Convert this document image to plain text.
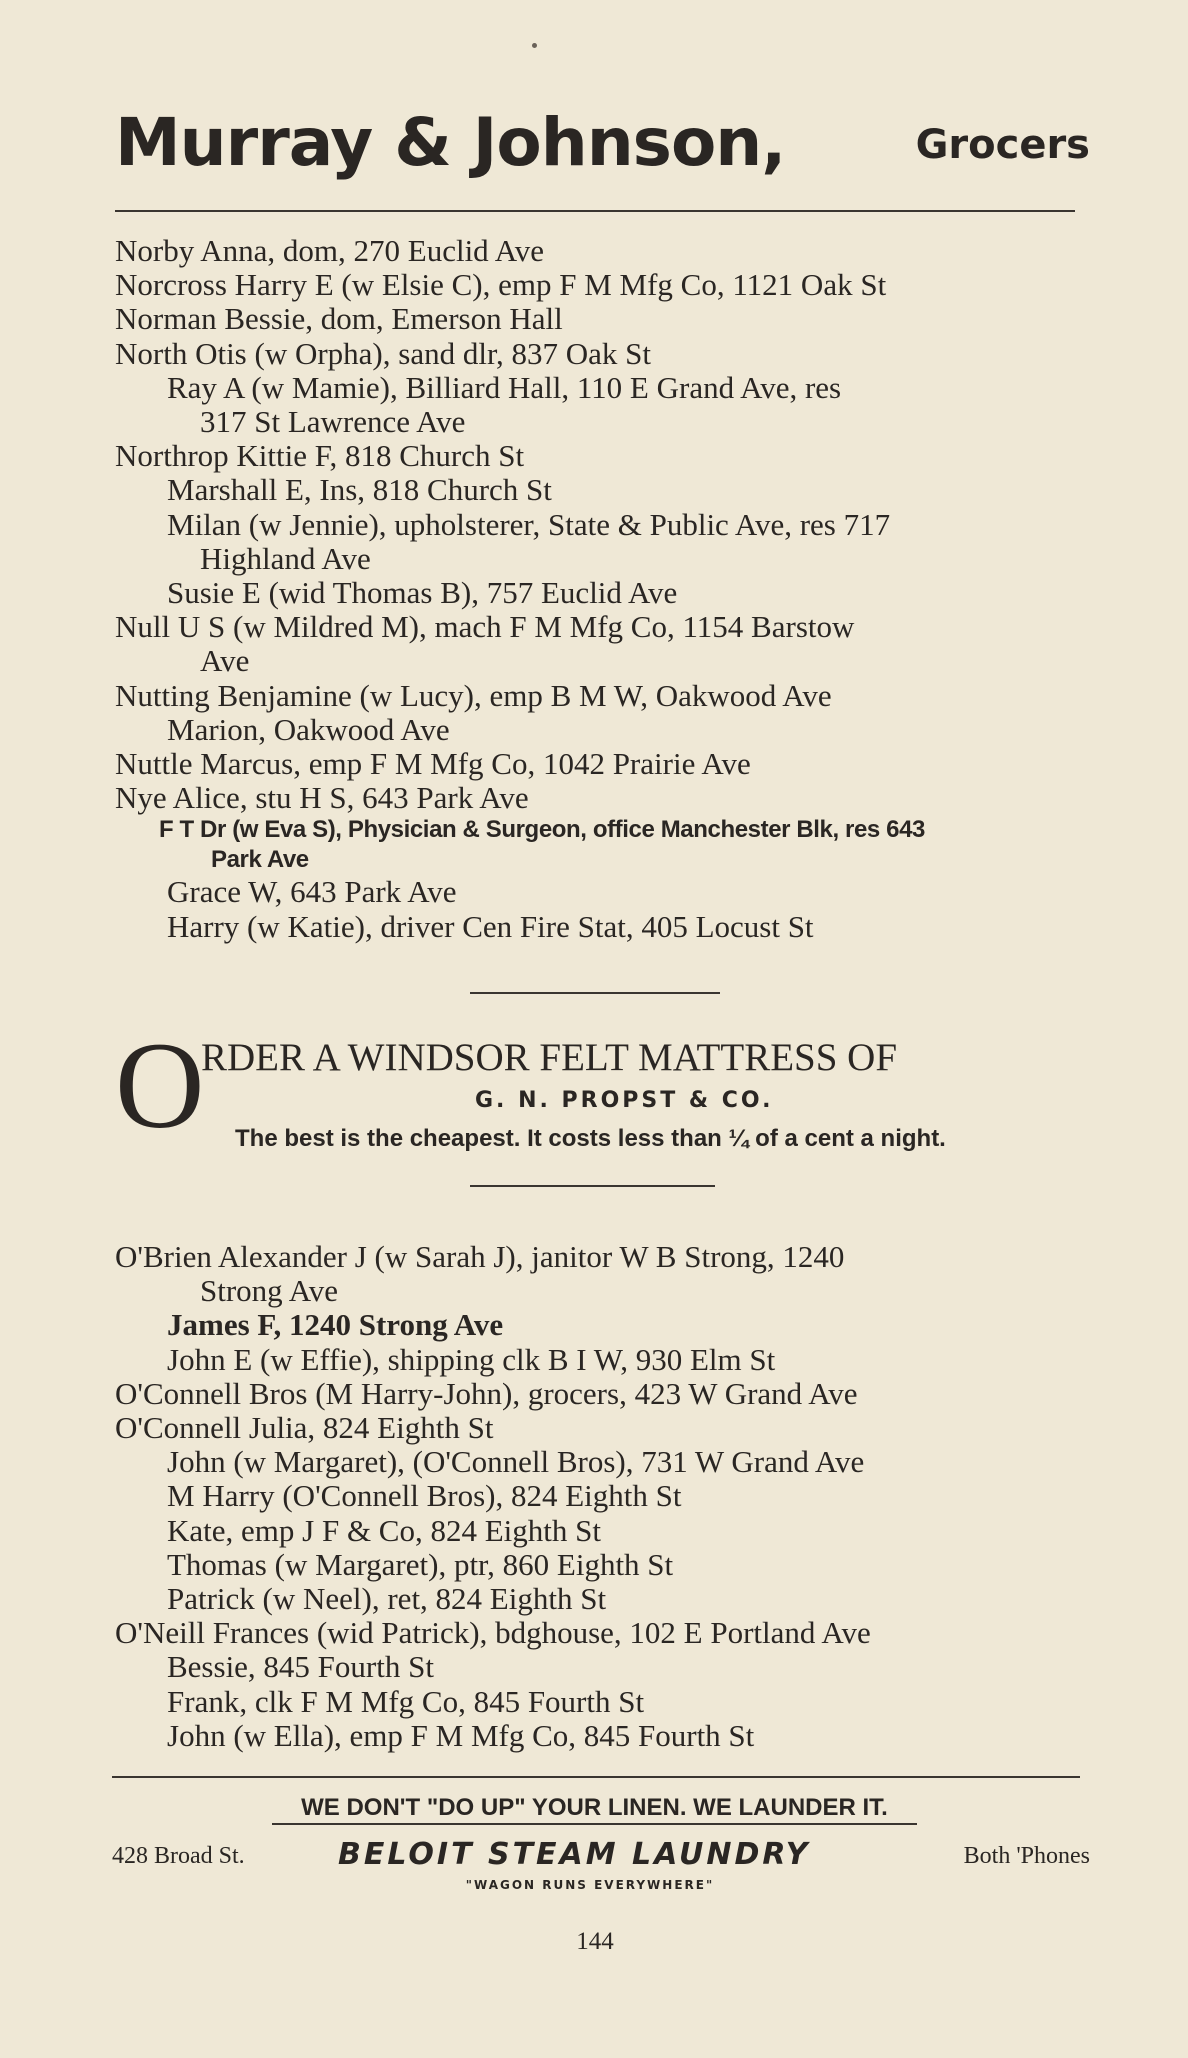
Murray & Johnson,	Grocers
Norby Anna, dom, 270 Euclid Ave
Norcross Harry E (w Elsie C), emp F M Mfg Co, 1121 Oak St
Norman Bessie, dom, Emerson Hall
North Otis (w Orpha), sand dlr, 837 Oak St
Ray A (w Mamie), Billiard Hall, 110 E Grand Ave, res
317 St Lawrence Ave
Northrop Kittie F, 818 Church St
Marshall E, Ins, 818 Church St
Milan (w Jennie), upholsterer, State & Public Ave, res 717
Highland Ave
Susie E (wid Thomas B), 757 Euclid Ave
Null U S (w Mildred M), mach F M Mfg Co, 1154 Barstow
Ave
Nutting Benjamine (w Lucy), emp B M W, Oakwood Ave
Marion, Oakwood Ave
Nuttle Marcus, emp F M Mfg Co, 1042 Prairie Ave
Nye Alice, stu H S, 643 Park Ave
F T Dr (w Eva S), Physician & Surgeon, office Manchester Blk, res 643
Park Ave
Grace W, 643 Park Ave
Harry (w Katie), driver Cen Fire Stat, 405 Locust St
O
RDER A WINDSOR FELT MATTRESS OF
G. N. PROPST & CO.
The best is the cheapest. It costs less than ¼ of a cent a night.
O'Brien Alexander J (w Sarah J), janitor W B Strong, 1240
Strong Ave
James F, 1240 Strong Ave
John E (w Effie), shipping clk B I W, 930 Elm St
O'Connell Bros (M Harry-John), grocers, 423 W Grand Ave
O'Connell Julia, 824 Eighth St
John (w Margaret), (O'Connell Bros), 731 W Grand Ave
M Harry (O'Connell Bros), 824 Eighth St
Kate, emp J F & Co, 824 Eighth St
Thomas (w Margaret), ptr, 860 Eighth St
Patrick (w Neel), ret, 824 Eighth St
O'Neill Frances (wid Patrick), bdghouse, 102 E Portland Ave
Bessie, 845 Fourth St
Frank, clk F M Mfg Co, 845 Fourth St
John (w Ella), emp F M Mfg Co, 845 Fourth St
WE DON'T "DO UP" YOUR LINEN. WE LAUNDER IT.
428 Broad St.	BELOIT STEAM LAUNDRY	Both 'Phones
"WAGON RUNS EVERYWHERE"
144
